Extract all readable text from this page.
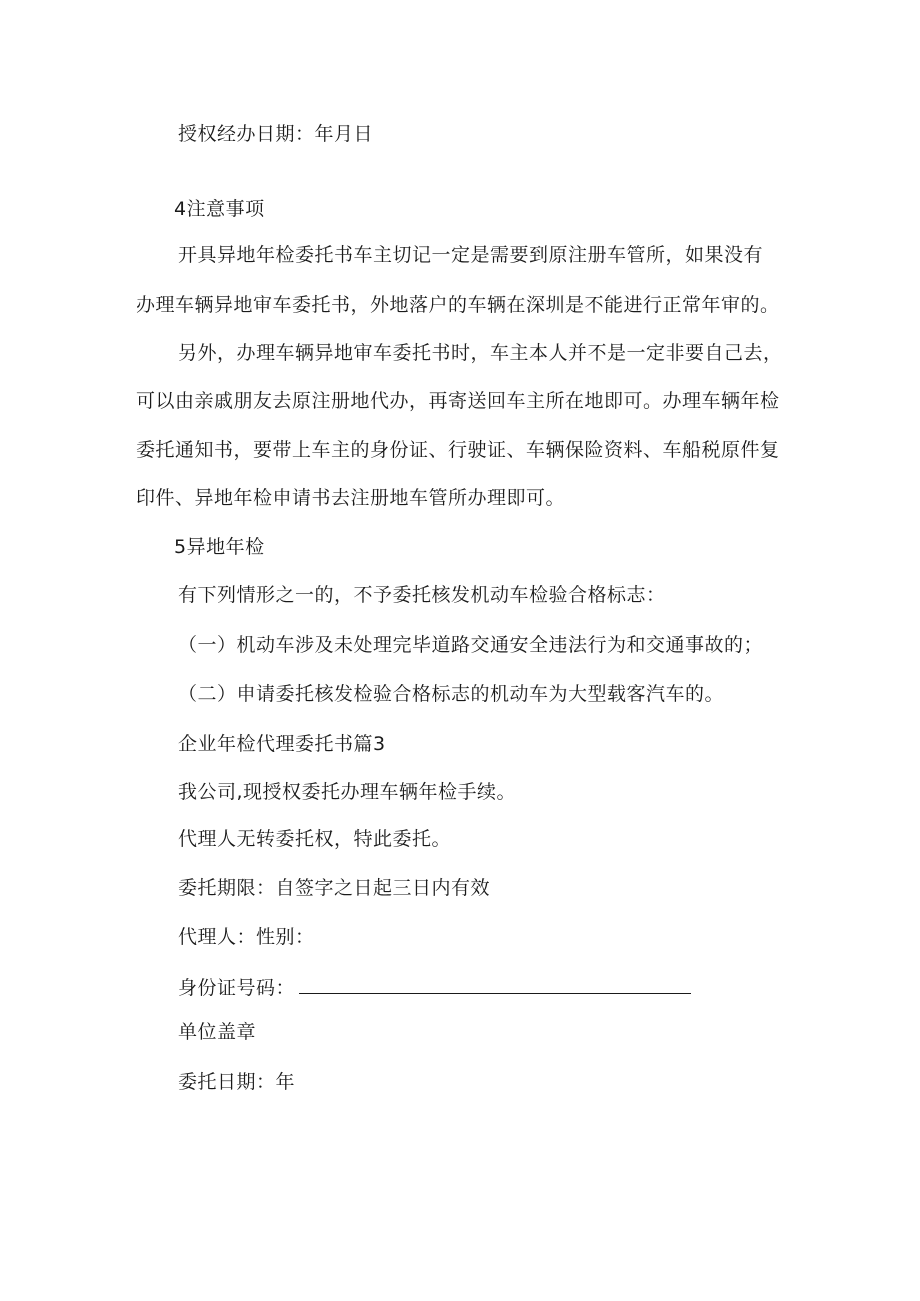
授权经办日期：年月日
4注意事项
开具异地年检委托书车主切记一定是需要到原注册车管所，如果没有
办理车辆异地审车委托书，外地落户的车辆在深圳是不能进行正常年审的。
另外，办理车辆异地审车委托书时，车主本人并不是一定非要自己去，
可以由亲戚朋友去原注册地代办，再寄送回车主所在地即可。办理车辆年检
委托通知书，要带上车主的身份证、行驶证、车辆保险资料、车船税原件复
印件、异地年检申请书去注册地车管所办理即可。
5异地年检
有下列情形之一的，不予委托核发机动车检验合格标志：
（一）机动车涉及未处理完毕道路交通安全违法行为和交通事故的；
（二）申请委托核发检验合格标志的机动车为大型载客汽车的。
企业年检代理委托书篇3
我公司,现授权委托办理车辆年检手续。
代理人无转委托权，特此委托。
委托期限：自签字之日起三日内有效
代理人：性别：
身份证号码：
单位盖章
委托日期：年
